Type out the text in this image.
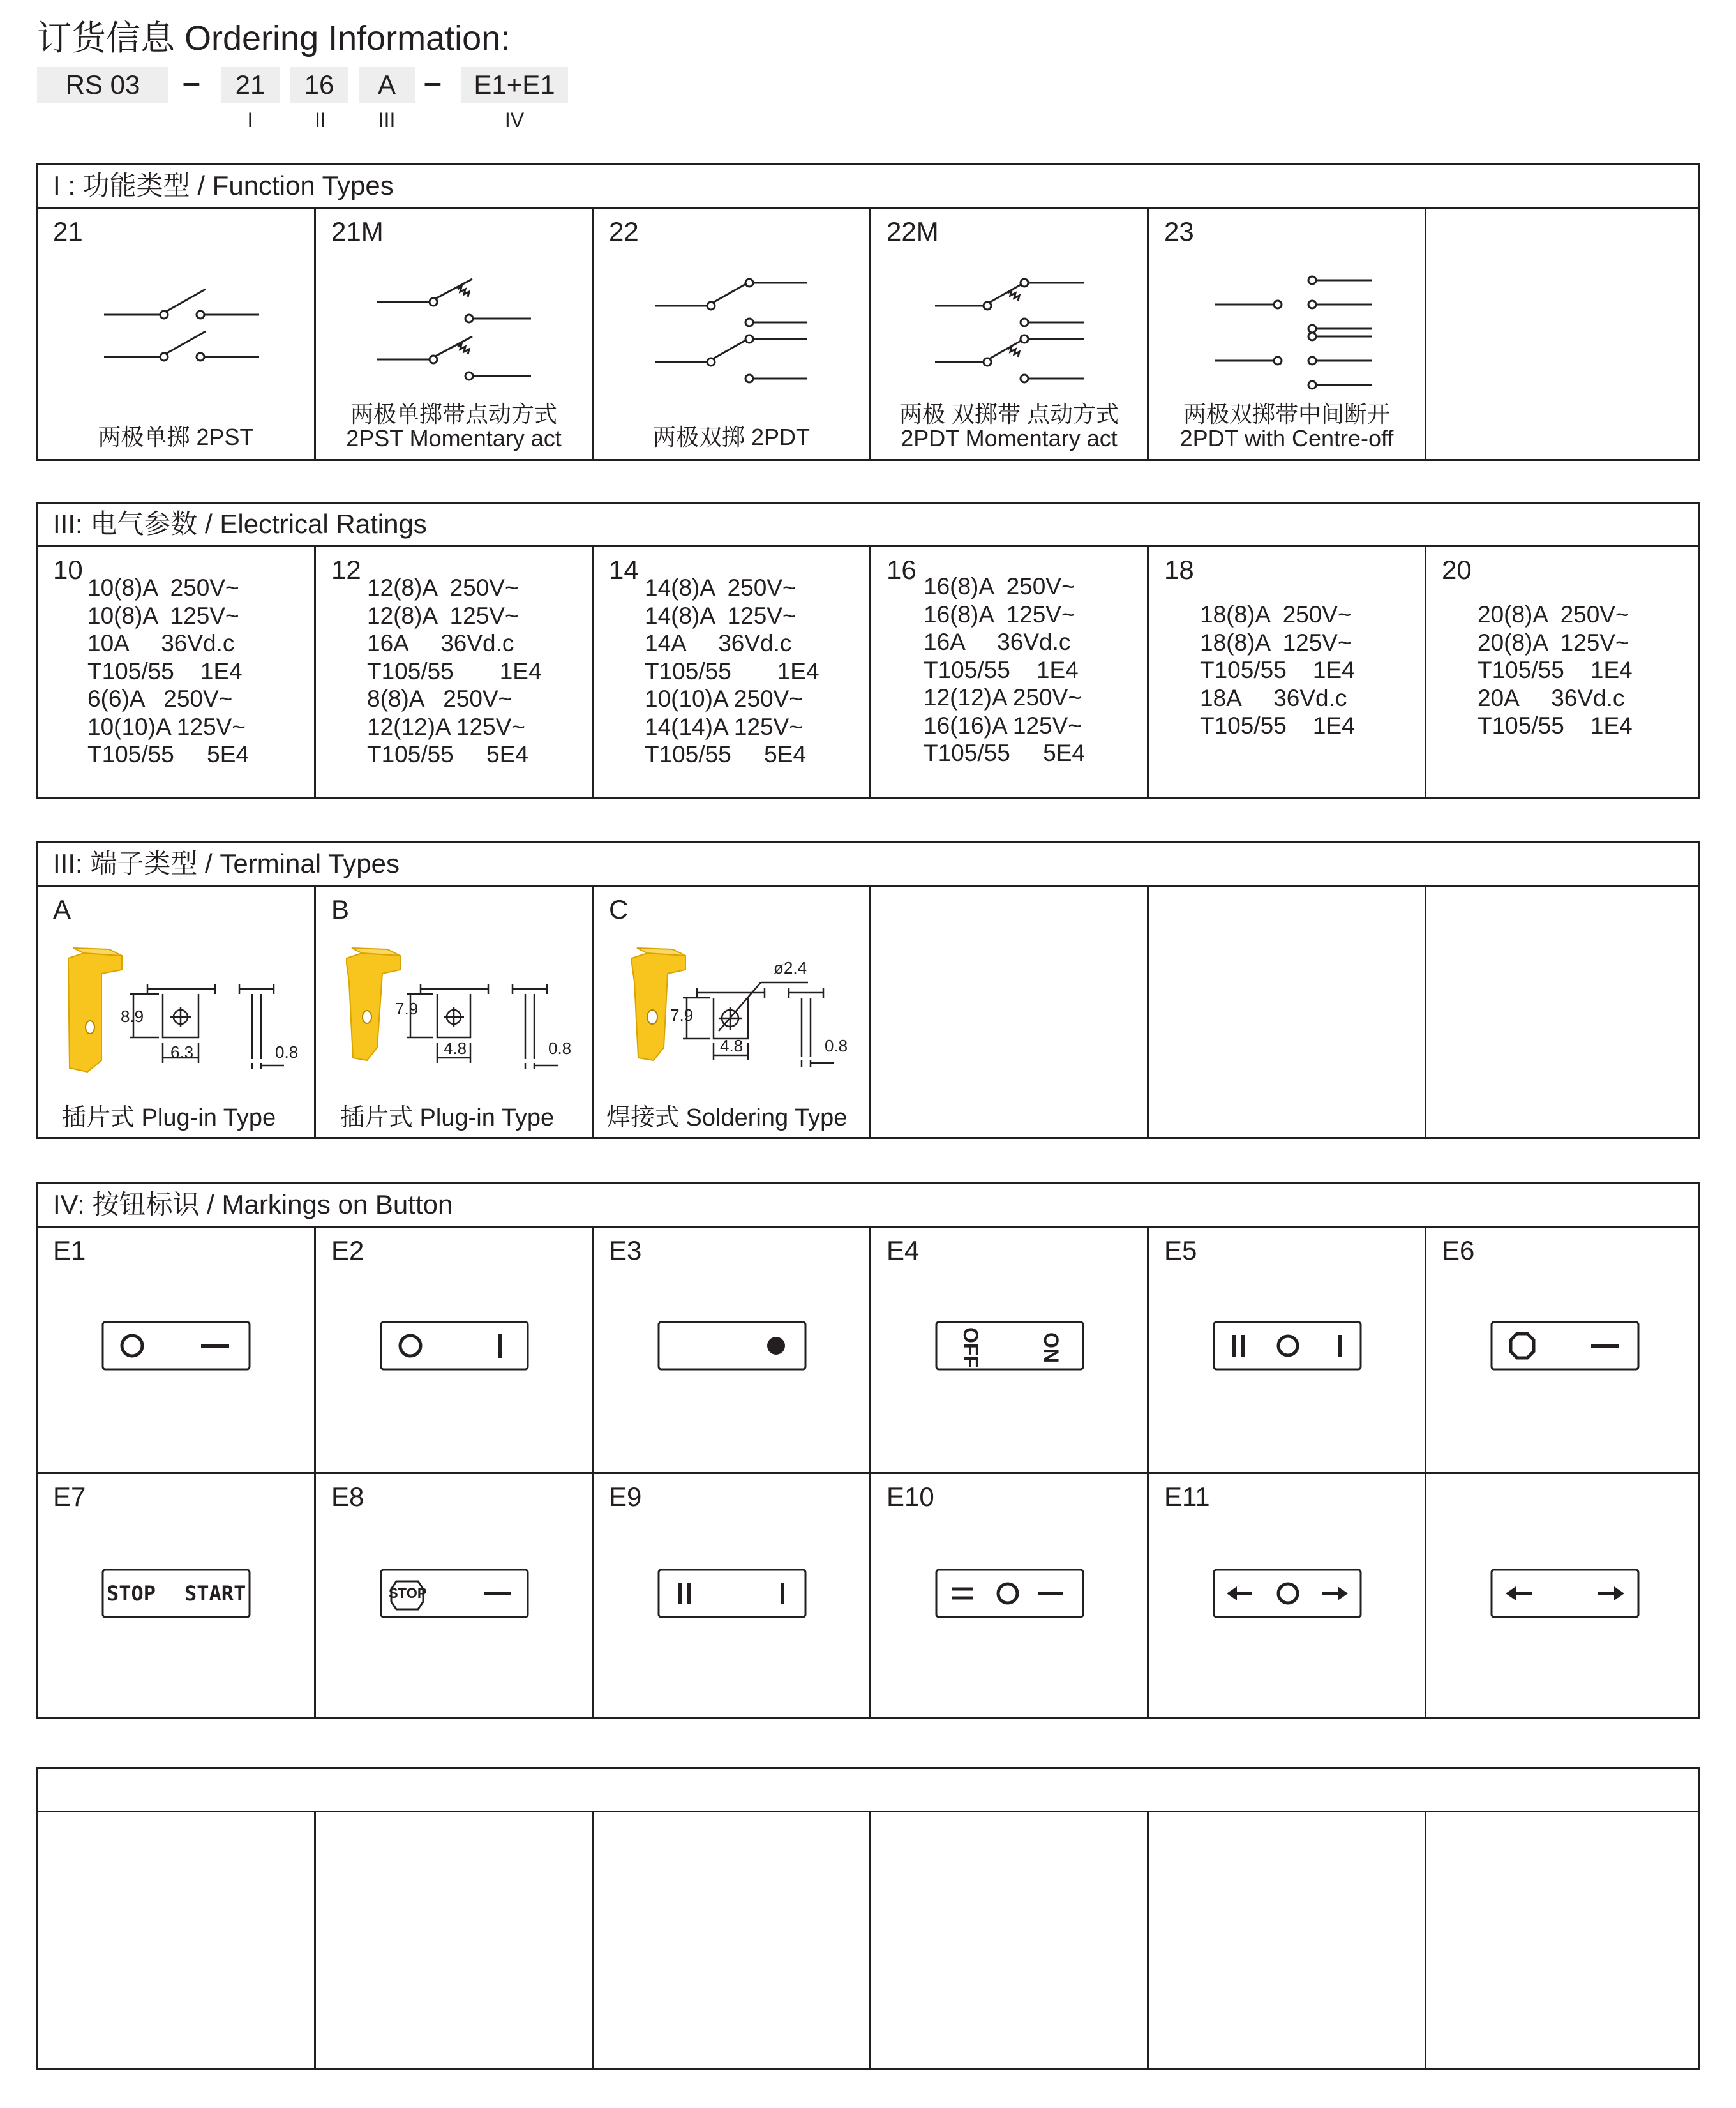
订货信息 Ordering Information:
RS 03	–	21	16	A –	E1+E1
I	II	III	IV
I : 功能类型 / Function Types
21
两极单掷 2PST
21M
两极单掷带点动方式
2PST Momentary act
22
两极双掷 2PDT
22M
两极 双掷带 点动方式
2PDT Momentary act
23
两极双掷带中间断开
2PDT with Centre-off
III: 电气参数 / Electrical Ratings
10
10(8)A  250V~
10(8)A  125V~
10A     36Vd.c
T105/55    1E4
6(6)A   250V~
10(10)A 125V~
T105/55     5E4
12
12(8)A  250V~
12(8)A  125V~
16A     36Vd.c
T105/55       1E4
8(8)A   250V~
12(12)A 125V~
T105/55     5E4
14
14(8)A  250V~
14(8)A  125V~
14A     36Vd.c
T105/55       1E4
10(10)A 250V~
14(14)A 125V~
T105/55     5E4
16
16(8)A  250V~
16(8)A  125V~
16A     36Vd.c
T105/55    1E4
12(12)A 250V~
16(16)A 125V~
T105/55     5E4
18
18(8)A  250V~
18(8)A  125V~
T105/55    1E4
18A     36Vd.c
T105/55    1E4
20
20(8)A  250V~
20(8)A  125V~
T105/55    1E4
20A     36Vd.c
T105/55    1E4
III: 端子类型 / Terminal Types
A
8.9
6.3	0.8
插片式 Plug-in Type
B
7.9
4.8	0.8
插片式 Plug-in Type
C
ø2.4
7.9
4.8	0.8
焊接式 Soldering Type
IV: 按钮标识 / Markings on Button
E1	E2	E3	E4
OFF	ON
E5	E6
E7
STOP START
E8
STOP
E9	E10	E11
